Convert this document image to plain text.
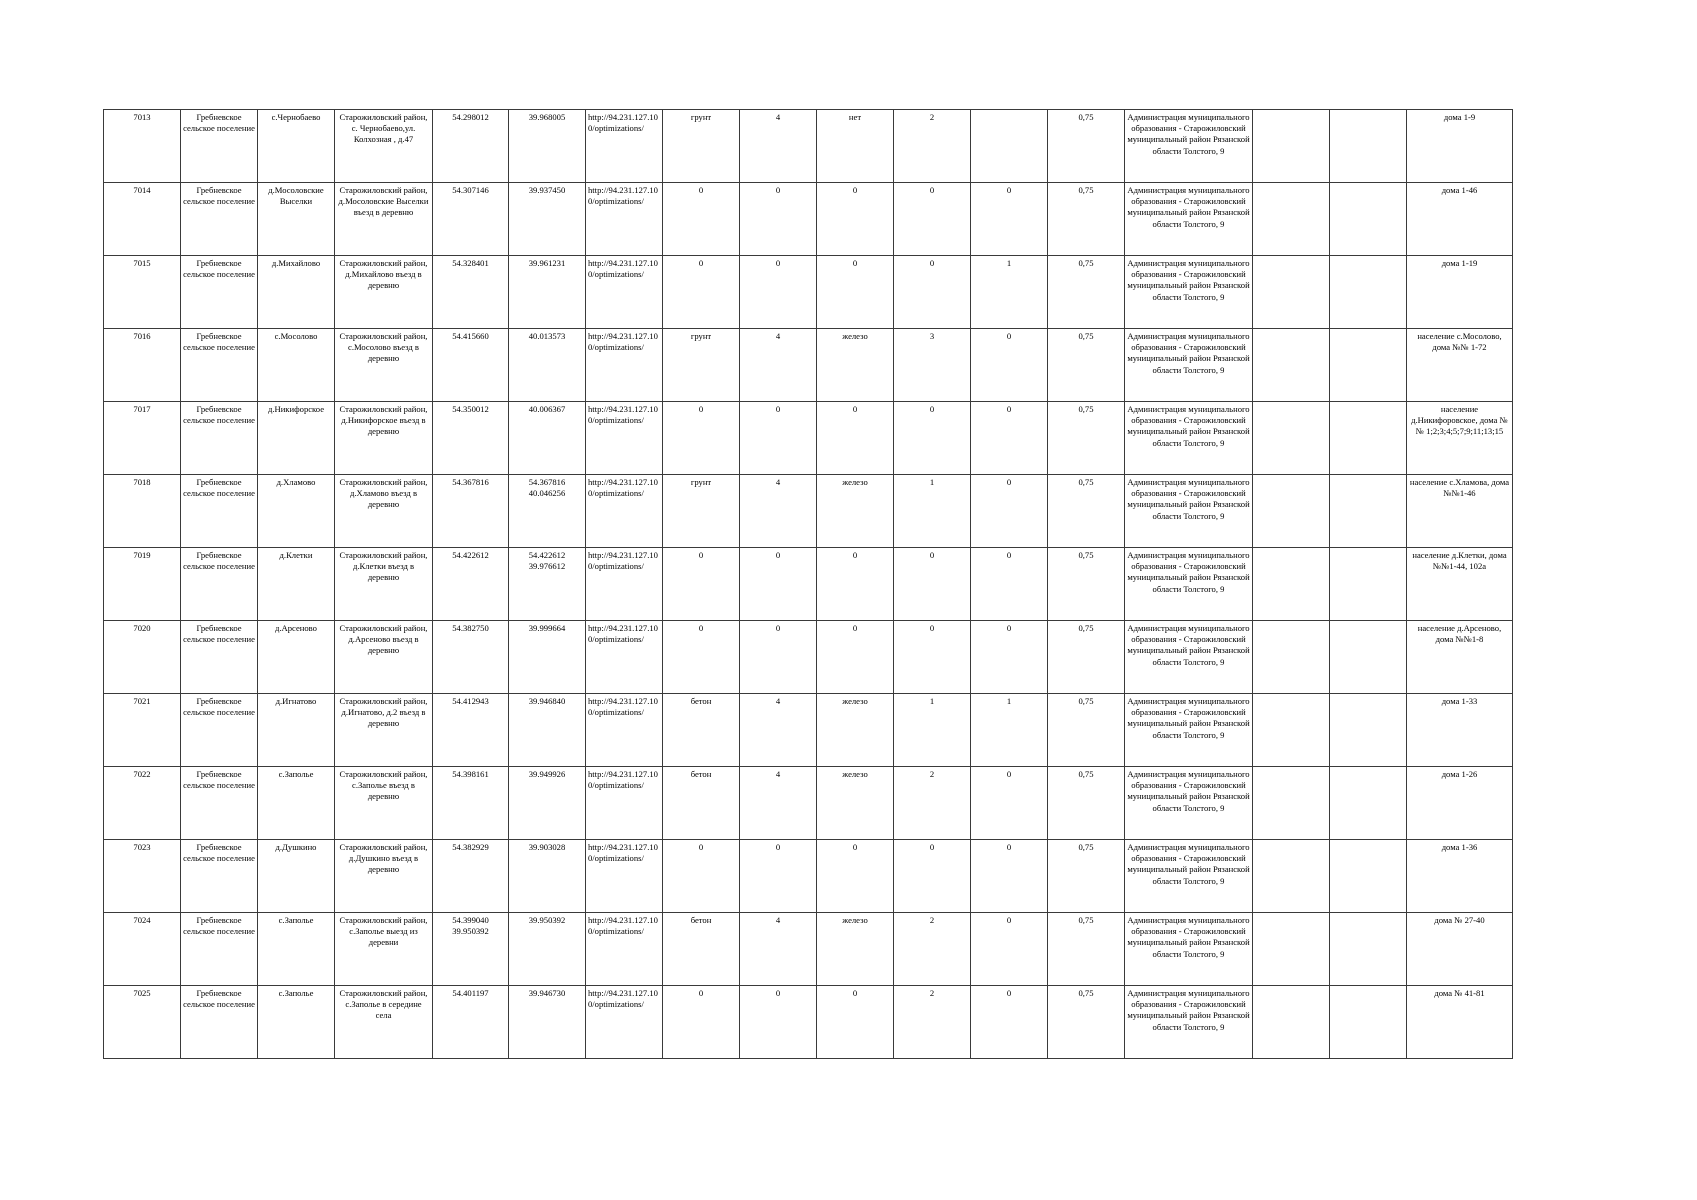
7013	Гребневское сельское поселение	с.Чернобаево	Старожиловский район, с. Чернобаево,ул. Колхозная , д.47	54.298012	39.968005	http://94.231.127.10 0/optimizations/	грунт	4	нет	2		0,75	Администрация муниципального образования - Старожиловский муниципальный район Рязанской области Толстого, 9			дома 1-9
7014	Гребневское сельское поселение	д.Мосоловские Выселки	Старожиловский район, д.Мосоловские Выселки въезд в деревню	54.307146	39.937450	http://94.231.127.10 0/optimizations/	0	0	0	0	0	0,75	Администрация муниципального образования - Старожиловский муниципальный район Рязанской области Толстого, 9			дома 1-46
7015	Гребневское сельское поселение	д.Михайлово	Старожиловский район, д.Михайлово въезд в деревню	54.328401	39.961231	http://94.231.127.10 0/optimizations/	0	0	0	0	1	0,75	Администрация муниципального образования - Старожиловский муниципальный район Рязанской области Толстого, 9			дома 1-19
7016	Гребневское сельское поселение	с.Мосолово	Старожиловский район, с.Мосолово въезд в деревню	54.415660	40.013573	http://94.231.127.10 0/optimizations/	грунт	4	железо	3	0	0,75	Администрация муниципального образования - Старожиловский муниципальный район Рязанской области Толстого, 9			население с.Мосолово, дома №№ 1-72
7017	Гребневское сельское поселение	д.Никифорское	Старожиловский район, д.Никифорское въезд в деревню	54.350012	40.006367	http://94.231.127.10 0/optimizations/	0	0	0	0	0	0,75	Администрация муниципального образования - Старожиловский муниципальный район Рязанской области Толстого, 9			население д.Никифоровское, дома №№ 1;2;3;4;5;7;9;11;13;15
7018	Гребневское сельское поселение	д.Хламово	Старожиловский район, д.Хламово въезд в деревню	54.367816	54.367816 40.046256	http://94.231.127.10 0/optimizations/	грунт	4	железо	1	0	0,75	Администрация муниципального образования - Старожиловский муниципальный район Рязанской области Толстого, 9			население с.Хламова, дома №№1-46
7019	Гребневское сельское поселение	д.Клетки	Старожиловский район, д.Клетки въезд в деревню	54.422612	54.422612 39.976612	http://94.231.127.10 0/optimizations/	0	0	0	0	0	0,75	Администрация муниципального образования - Старожиловский муниципальный район Рязанской области Толстого, 9			население д.Клетки, дома №№1-44, 102а
7020	Гребневское сельское поселение	д.Арсеново	Старожиловский район, д.Арсеново въезд в деревню	54.382750	39.999664	http://94.231.127.10 0/optimizations/	0	0	0	0	0	0,75	Администрация муниципального образования - Старожиловский муниципальный район Рязанской области Толстого, 9			население д.Арсеново, дома №№1-8
7021	Гребневское сельское поселение	д.Игнатово	Старожиловский район, д.Игнатово, д.2 въезд в деревню	54.412943	39.946840	http://94.231.127.10 0/optimizations/	бетон	4	железо	1	1	0,75	Администрация муниципального образования - Старожиловский муниципальный район Рязанской области Толстого, 9			дома 1-33
7022	Гребневское сельское поселение	с.Заполье	Старожиловский район, с.Заполье въезд в деревню	54.398161	39.949926	http://94.231.127.10 0/optimizations/	бетон	4	железо	2	0	0,75	Администрация муниципального образования - Старожиловский муниципальный район Рязанской области Толстого, 9			дома 1-26
7023	Гребневское сельское поселение	д.Душкино	Старожиловский район, д.Душкино въезд в деревню	54.382929	39.903028	http://94.231.127.10 0/optimizations/	0	0	0	0	0	0,75	Администрация муниципального образования - Старожиловский муниципальный район Рязанской области Толстого, 9			дома 1-36
7024	Гребневское сельское поселение	с.Заполье	Старожиловский район, с.Заполье выезд из деревни	54.399040 39.950392	39.950392	http://94.231.127.10 0/optimizations/	бетон	4	железо	2	0	0,75	Администрация муниципального образования - Старожиловский муниципальный район Рязанской области Толстого, 9			дома № 27-40
7025	Гребневское сельское поселение	с.Заполье	Старожиловский район, с.Заполье в середине села	54.401197	39.946730	http://94.231.127.10 0/optimizations/	0	0	0	2	0	0,75	Администрация муниципального образования - Старожиловский муниципальный район Рязанской области Толстого, 9			дома № 41-81
